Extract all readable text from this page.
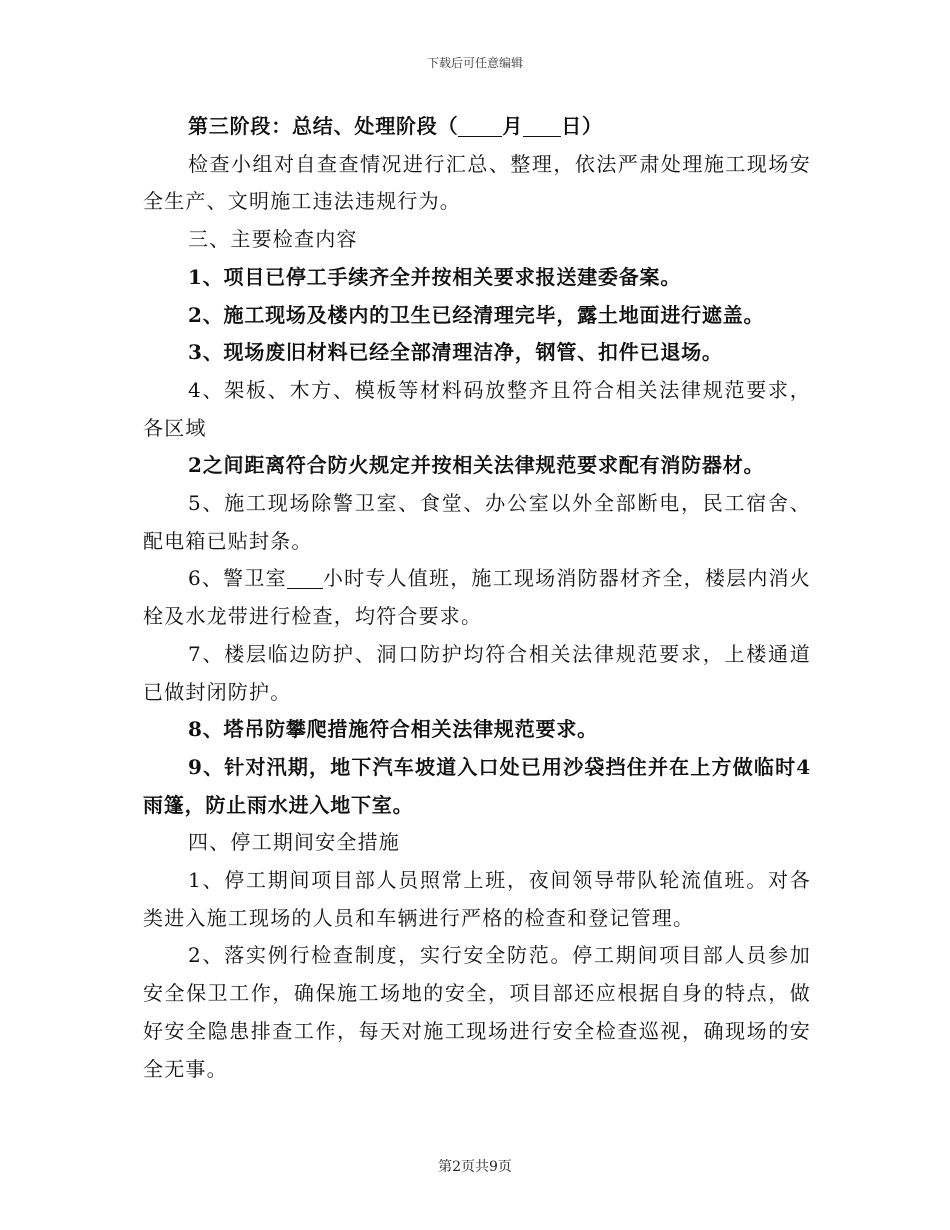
下载后可任意编辑

第三阶段：总结、处理阶段（ 月 日）

检查小组对自查查情况进行汇总、整理，依法严肃处理施工现场安全生产、文明施工违法违规行为。

三、主要检查内容

1、项目已停工手续齐全并按相关要求报送建委备案。

2、施工现场及楼内的卫生已经清理完毕，露土地面进行遮盖。

3、现场废旧材料已经全部清理洁净，钢管、扣件已退场。

4、架板、木方、模板等材料码放整齐且符合相关法律规范要求，各区域

2之间距离符合防火规定并按相关法律规范要求配有消防器材。

5、施工现场除警卫室、食堂、办公室以外全部断电，民工宿舍、配电箱已贴封条。

6、警卫室 小时专人值班，施工现场消防器材齐全，楼层内消火栓及水龙带进行检查，均符合要求。

7、楼层临边防护、洞口防护均符合相关法律规范要求，上楼通道已做封闭防护。

8、塔吊防攀爬措施符合相关法律规范要求。

9、针对汛期，地下汽车坡道入口处已用沙袋挡住并在上方做临时4雨篷，防止雨水进入地下室。

四、停工期间安全措施

1、停工期间项目部人员照常上班，夜间领导带队轮流值班。对各类进入施工现场的人员和车辆进行严格的检查和登记管理。

2、落实例行检查制度，实行安全防范。停工期间项目部人员参加安全保卫工作，确保施工场地的安全，项目部还应根据自身的特点，做好安全隐患排查工作，每天对施工现场进行安全检查巡视，确现场的安全无事。

第2页共9页
